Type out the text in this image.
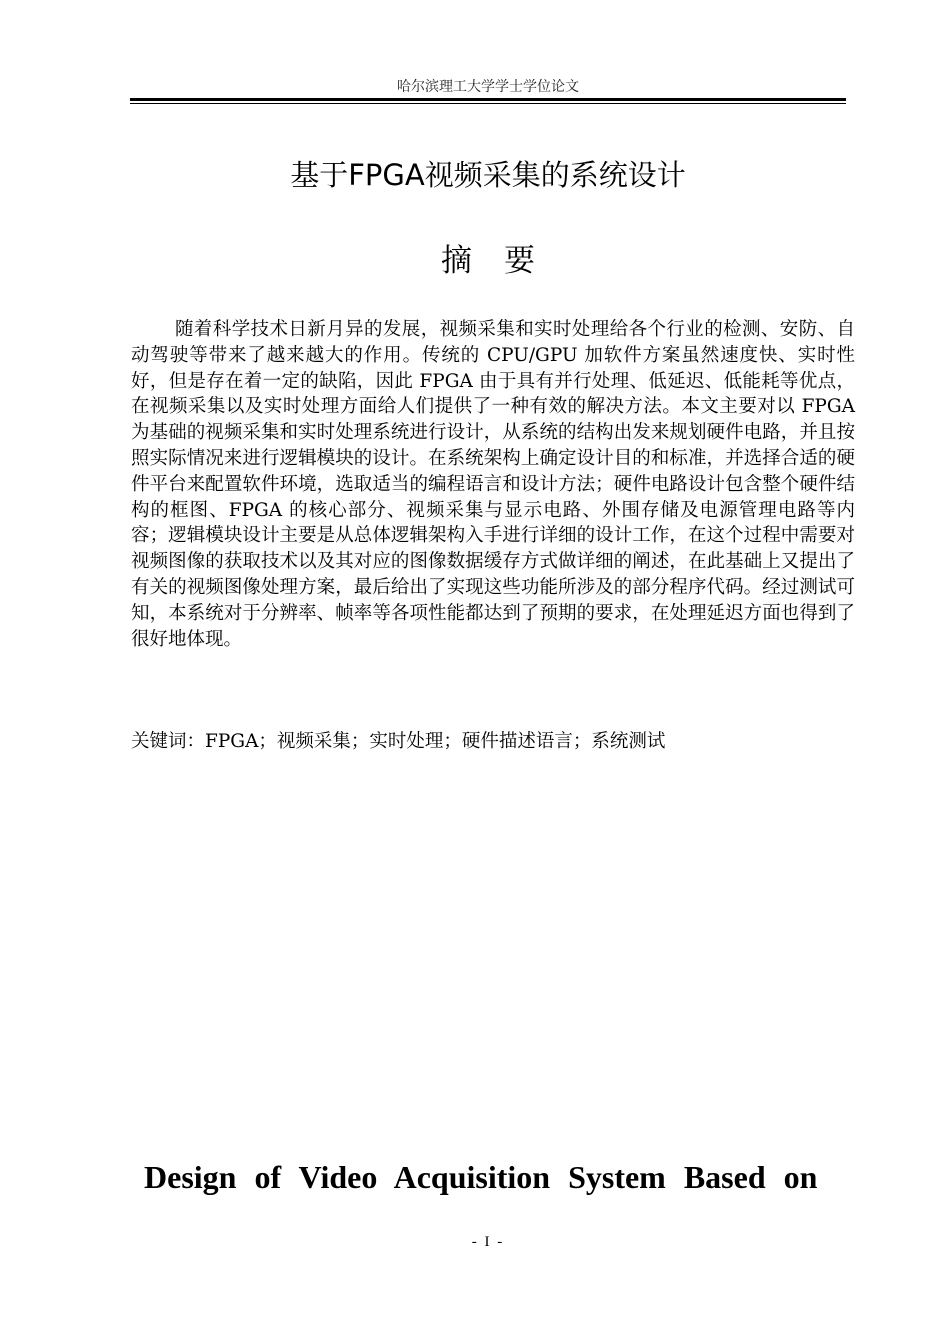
哈尔滨理工大学学士学位论文
基于FPGA视频采集的系统设计
摘要

随着科学技术日新月异的发展，视频采集和实时处理给各个行业的检测、安防、自动驾驶等带来了越来越大的作用。传统的 CPU/GPU 加软件方案虽然速度快、实时性好，但是存在着一定的缺陷，因此 FPGA 由于具有并行处理、低延迟、低能耗等优点，在视频采集以及实时处理方面给人们提供了一种有效的解决方法。本文主要对以 FPGA 为基础的视频采集和实时处理系统进行设计，从系统的结构出发来规划硬件电路，并且按照实际情况来进行逻辑模块的设计。在系统架构上确定设计目的和标准，并选择合适的硬件平台来配置软件环境，选取适当的编程语言和设计方法；硬件电路设计包含整个硬件结构的框图、FPGA 的核心部分、视频采集与显示电路、外围存储及电源管理电路等内容；逻辑模块设计主要是从总体逻辑架构入手进行详细的设计工作，在这个过程中需要对视频图像的获取技术以及其对应的图像数据缓存方式做详细的阐述，在此基础上又提出了有关的视频图像处理方案，最后给出了实现这些功能所涉及的部分程序代码。经过测试可知，本系统对于分辨率、帧率等各项性能都达到了预期的要求，在处理延迟方面也得到了很好地体现。

关键词：FPGA；视频采集；实时处理；硬件描述语言；系统测试
Design of Video Acquisition System Based on
- I -
